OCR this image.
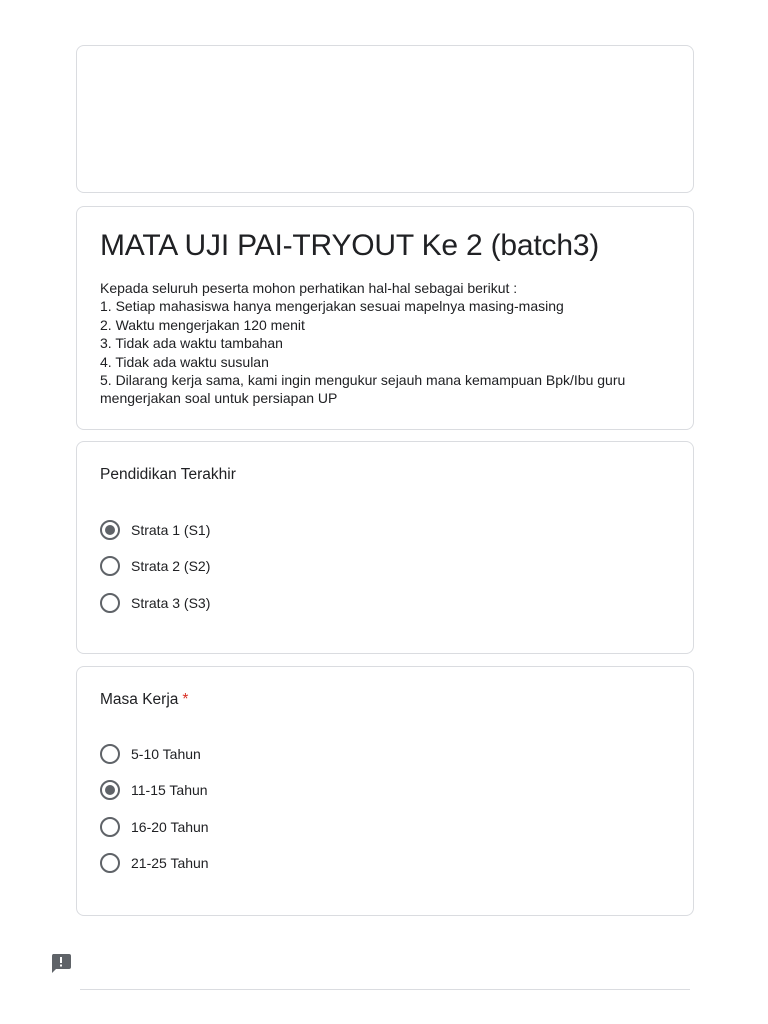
MATA UJI PAI-TRYOUT Ke 2 (batch3)
Kepada seluruh peserta mohon perhatikan hal-hal sebagai berikut :
1. Setiap mahasiswa hanya mengerjakan sesuai mapelnya masing-masing
2. Waktu mengerjakan 120 menit
3. Tidak ada waktu tambahan
4. Tidak ada waktu susulan
5. Dilarang kerja sama, kami ingin mengukur sejauh mana kemampuan Bpk/Ibu guru mengerjakan soal untuk persiapan UP
Pendidikan Terakhir
Strata 1 (S1)
Strata 2 (S2)
Strata 3 (S3)
Masa Kerja *
5-10 Tahun
11-15 Tahun
16-20 Tahun
21-25 Tahun
